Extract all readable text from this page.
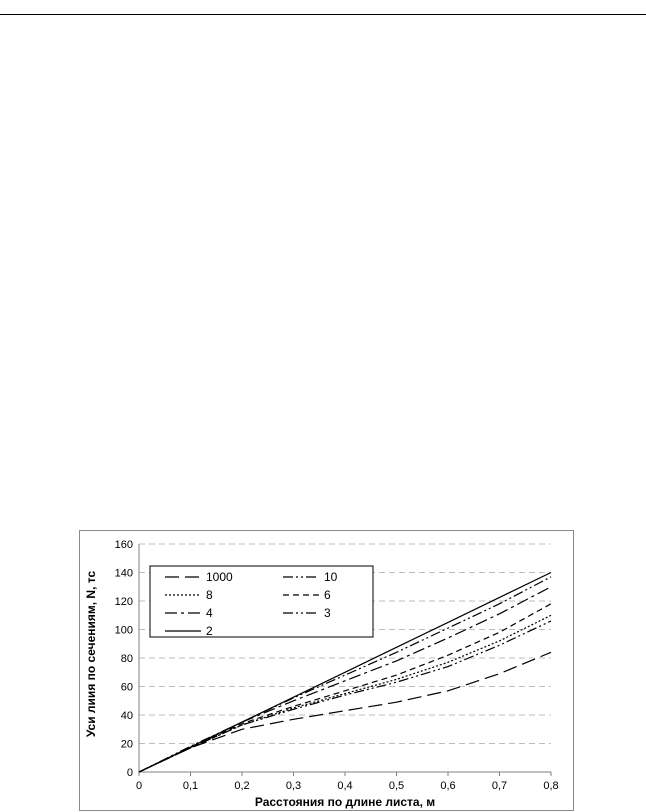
0
20
40
60
80
100
120
140
160
0	0,1	0,2	0,3	0,4	0,5	0,6	0,7	0,8
Расстояния по длине листа, м
Уси лиия по сечениям, N, тс	1000	10
8	6
4	3
2
